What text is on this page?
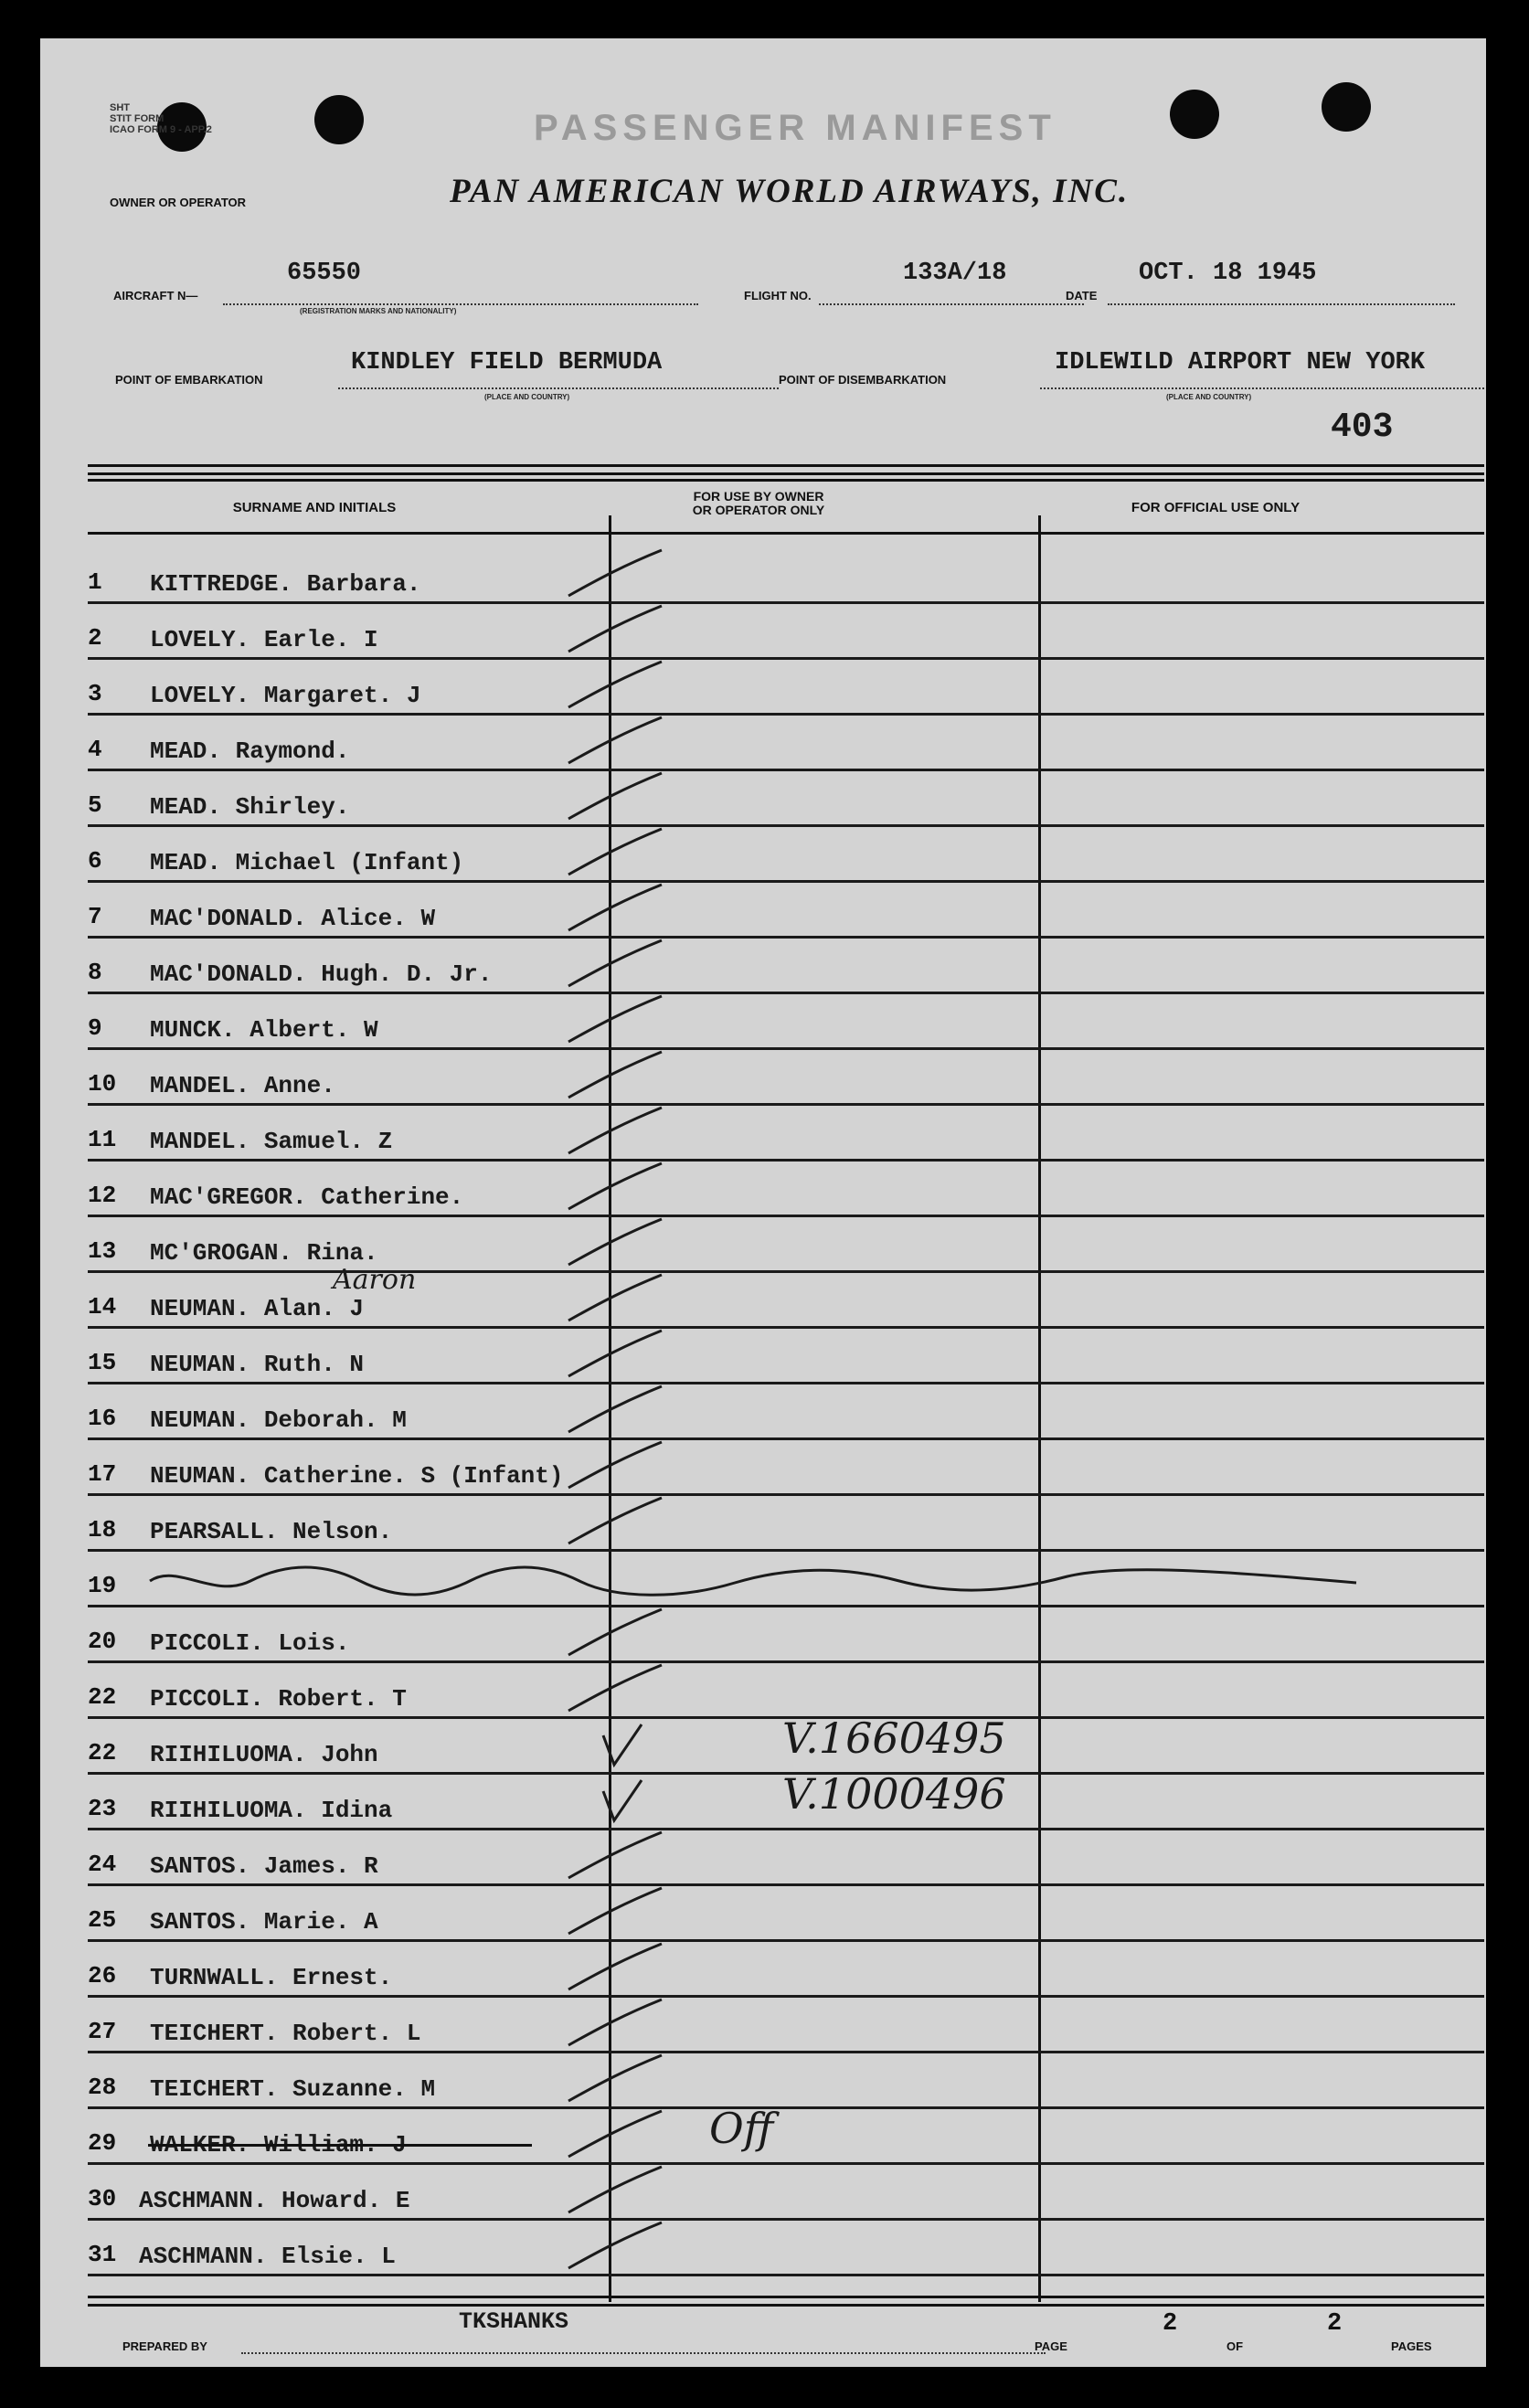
SHT
STIT FORM
ICAO FORM 9 - APP.2	PASSENGER MANIFEST
OWNER OR OPERATOR	PAN AMERICAN WORLD AIRWAYS, INC.
AIRCRAFT N—
65550
(REGISTRATION MARKS AND NATIONALITY)
FLIGHT NO.
133A/18
DATE
OCT. 18 1945
POINT OF EMBARKATION
KINDLEY FIELD BERMUDA
(PLACE AND COUNTRY)
POINT OF DISEMBARKATION
IDLEWILD AIRPORT NEW YORK
(PLACE AND COUNTRY)
403
SURNAME AND INITIALS
FOR USE BY OWNER
OR OPERATOR ONLY	FOR OFFICIAL USE ONLY
1 KITTREDGE. Barbara.
2 LOVELY. Earle. I
3 LOVELY. Margaret. J
4 MEAD. Raymond.
5 MEAD. Shirley.
6 MEAD. Michael (Infant)
7 MAC'DONALD. Alice. W
8 MAC'DONALD. Hugh. D. Jr.
9 MUNCK. Albert. W
10 MANDEL. Anne.
11 MANDEL. Samuel. Z
12 MAC'GREGOR. Catherine.
13 MC'GROGAN. Rina.
14 NEUMAN. Alan. J
Aaron
15 NEUMAN. Ruth. N
16 NEUMAN. Deborah. M
17 NEUMAN. Catherine. S (Infant)
18 PEARSALL. Nelson.
19
20 PICCOLI. Lois.
22 PICCOLI. Robert. T
22 RIIHILUOMA. John	V.1660495
23 RIIHILUOMA. Idina	V.1000496
24 SANTOS. James. R
25 SANTOS. Marie. A
26 TURNWALL. Ernest.
27 TEICHERT. Robert. L
28 TEICHERT. Suzanne. M
29 WALKER. William. J	Off
30 ASCHMANN. Howard. E
31 ASCHMANN. Elsie. L
PREPARED BY
TKSHANKS
PAGE
2
OF
2
PAGES
